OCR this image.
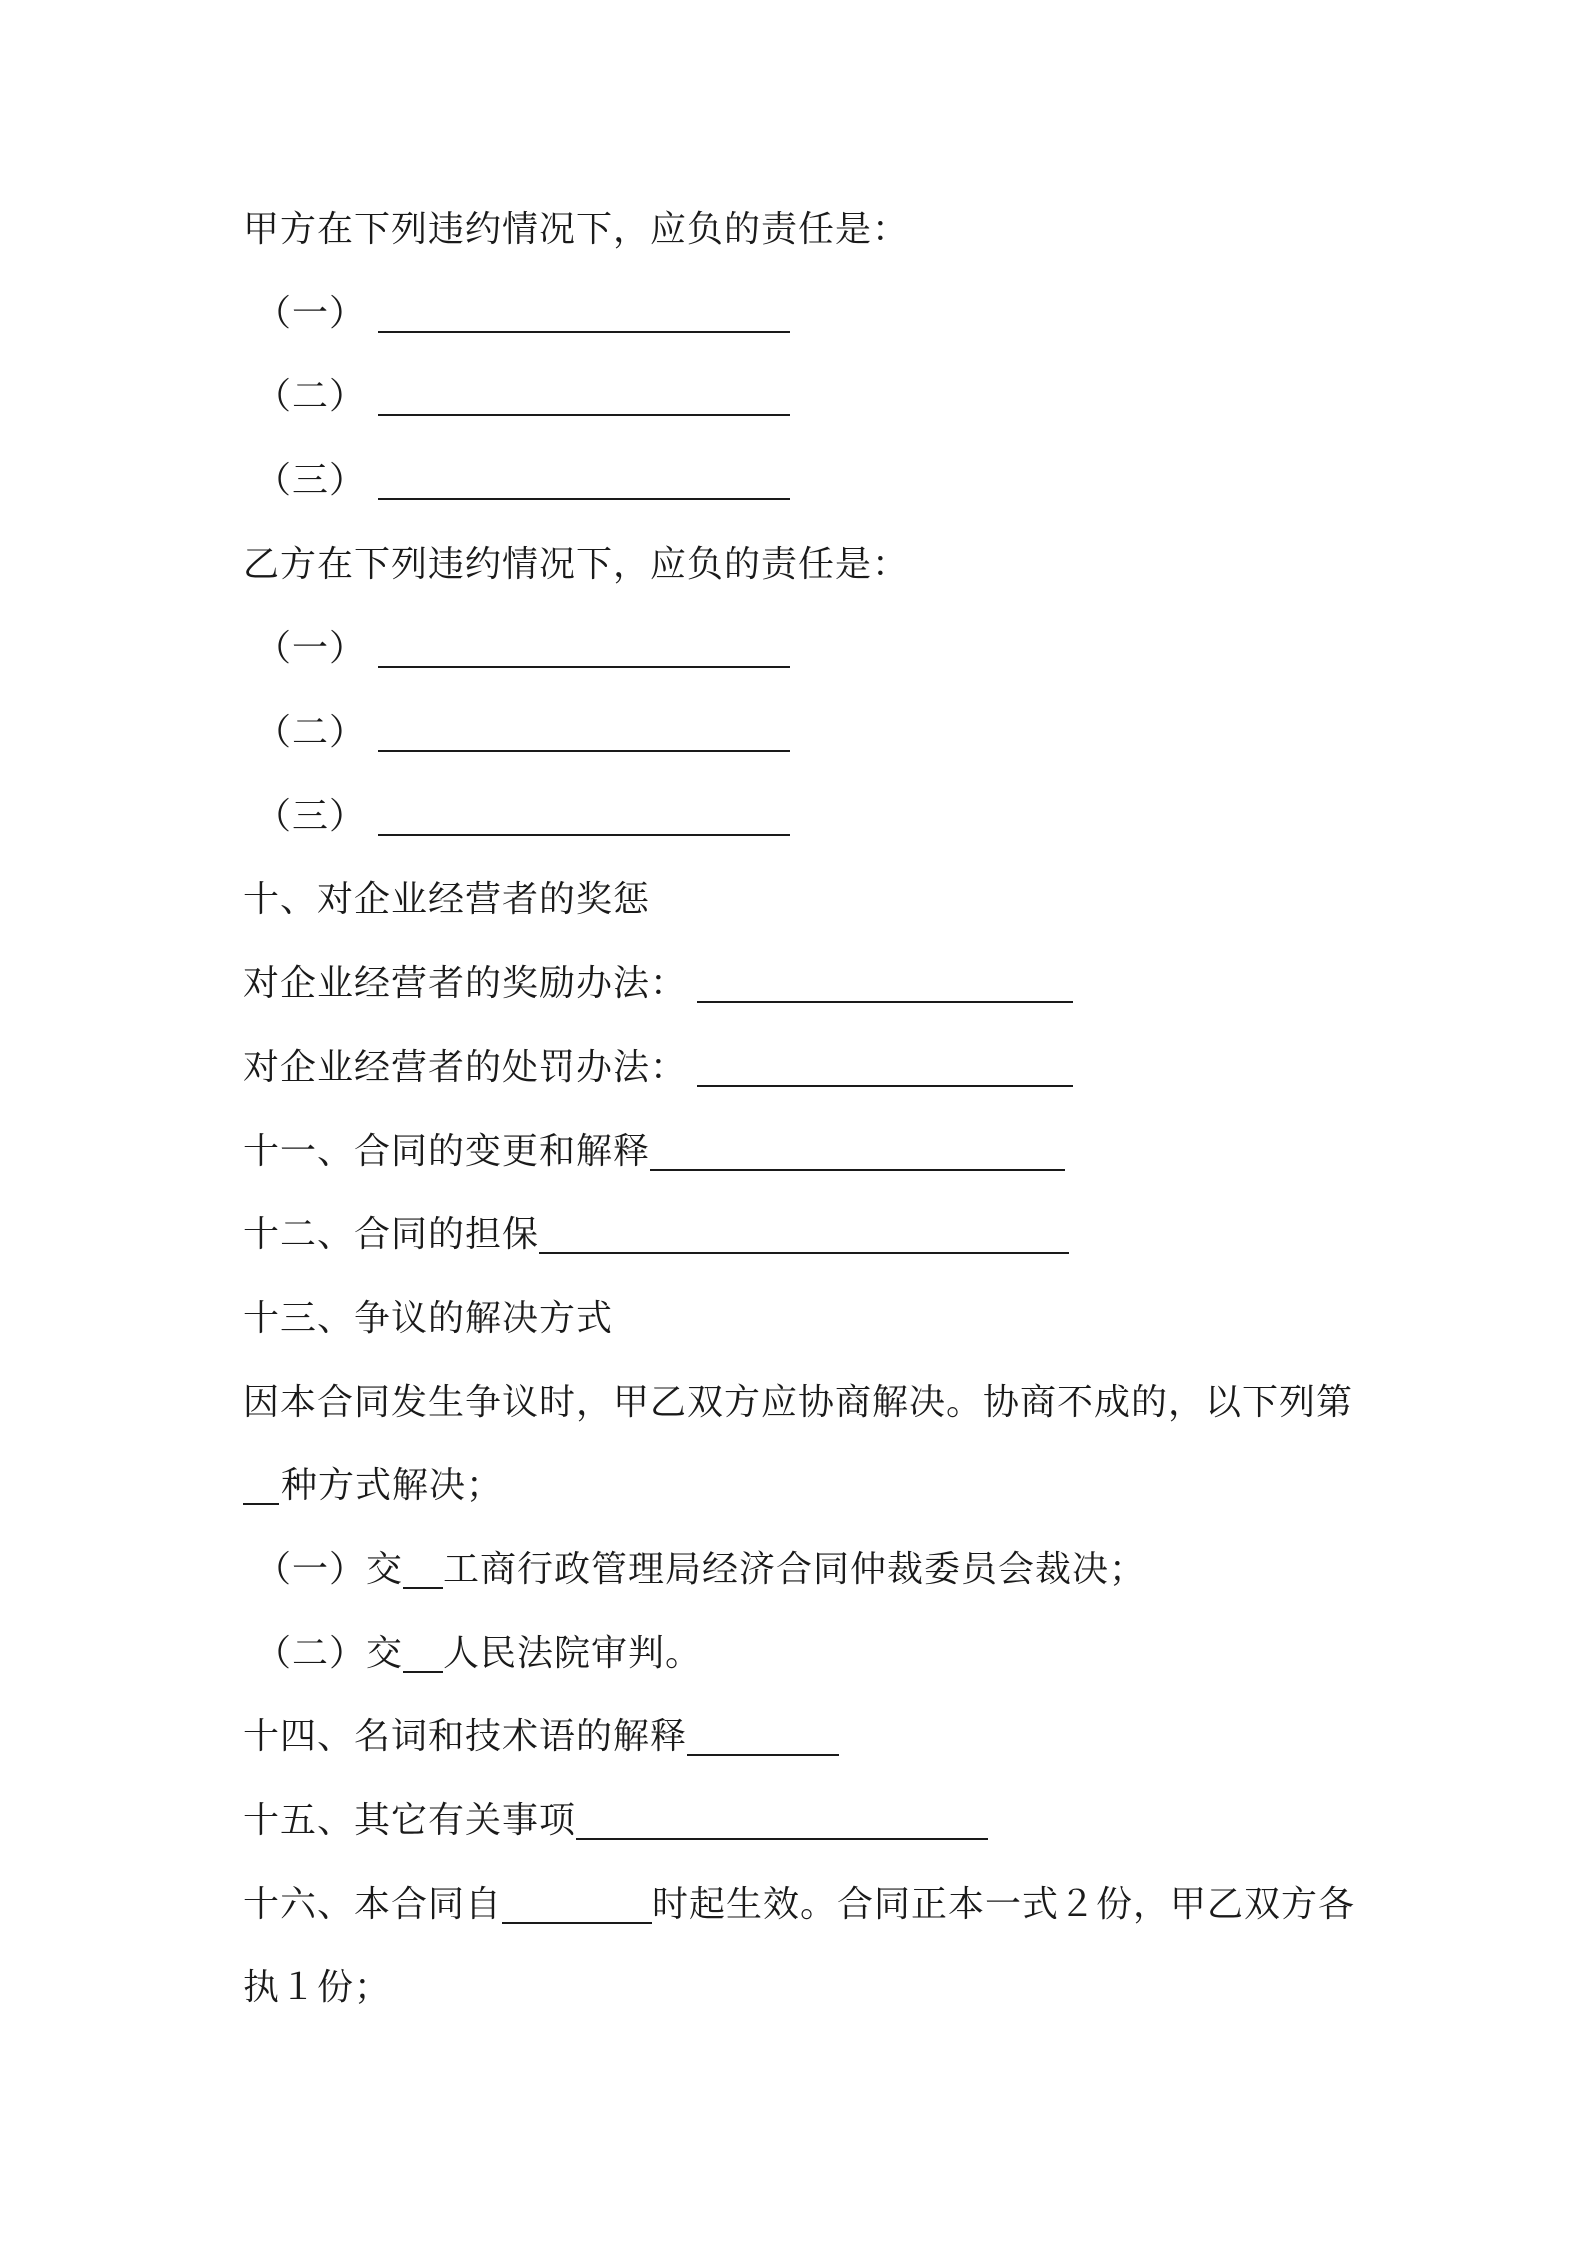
甲方在下列违约情况下，应负的责任是：
（一）
（二）
（三）
乙方在下列违约情况下，应负的责任是：
（一）
（二）
（三）
十、对企业经营者的奖惩
对企业经营者的奖励办法：
对企业经营者的处罚办法：
十一、合同的变更和解释
十二、合同的担保
十三、争议的解决方式
因本合同发生争议时，甲乙双方应协商解决。协商不成的，以下列第
种方式解决；
（一）交 工商行政管理局经济合同仲裁委员会裁决；
（二）交 人民法院审判。
十四、名词和技术语的解释
十五、其它有关事项
十六、本合同自	时起生效。合同正本一式２份，甲乙双方各
执１份；
